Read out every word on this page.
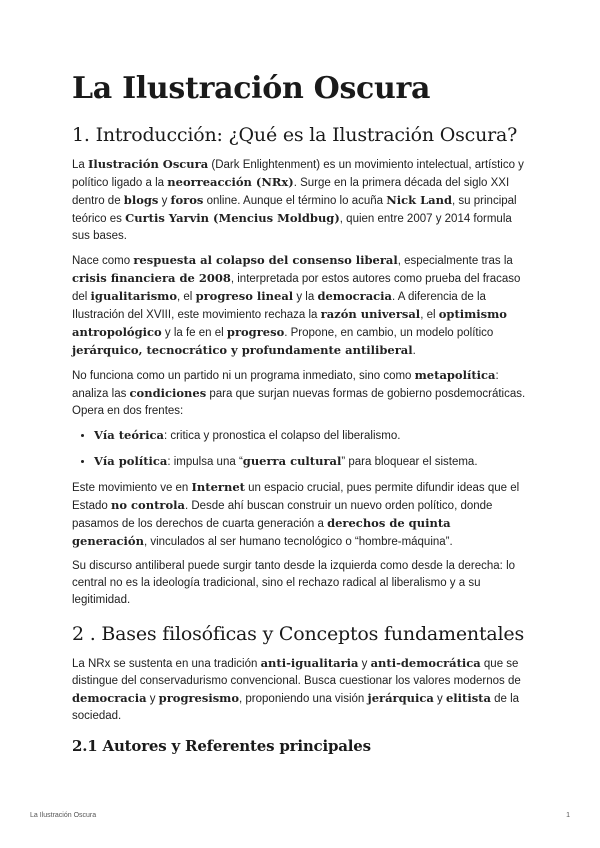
La Ilustración Oscura
1. Introducción: ¿Qué es la Ilustración Oscura?

La Ilustración Oscura (Dark Enlightenment) es un movimiento intelectual, artístico y político ligado a la neorreacción (NRx). Surge en la primera década del siglo XXI dentro de blogs y foros online. Aunque el término lo acuña Nick Land, su principal teórico es Curtis Yarvin (Mencius Moldbug), quien entre 2007 y 2014 formula sus bases.

Nace como respuesta al colapso del consenso liberal, especialmente tras la crisis financiera de 2008, interpretada por estos autores como prueba del fracaso del igualitarismo, el progreso lineal y la democracia. A diferencia de la Ilustración del XVIII, este movimiento rechaza la razón universal, el optimismo antropológico y la fe en el progreso. Propone, en cambio, un modelo político jerárquico, tecnocrático y profundamente antiliberal.

No funciona como un partido ni un programa inmediato, sino como metapolítica: analiza las condiciones para que surjan nuevas formas de gobierno posdemocráticas. Opera en dos frentes:

• Vía teórica: critica y pronostica el colapso del liberalismo.
• Vía política: impulsa una “guerra cultural” para bloquear el sistema.

Este movimiento ve en Internet un espacio crucial, pues permite difundir ideas que el Estado no controla. Desde ahí buscan construir un nuevo orden político, donde pasamos de los derechos de cuarta generación a derechos de quinta generación, vinculados al ser humano tecnológico o “hombre-máquina”.

Su discurso antiliberal puede surgir tanto desde la izquierda como desde la derecha: lo central no es la ideología tradicional, sino el rechazo radical al liberalismo y a su legitimidad.

2 . Bases filosóficas y Conceptos fundamentales

La NRx se sustenta en una tradición anti-igualitaria y anti-democrática que se distingue del conservadurismo convencional. Busca cuestionar los valores modernos de democracia y progresismo, proponiendo una visión jerárquica y elitista de la sociedad.

2.1 Autores y Referentes principales
La Ilustración Oscura	1
